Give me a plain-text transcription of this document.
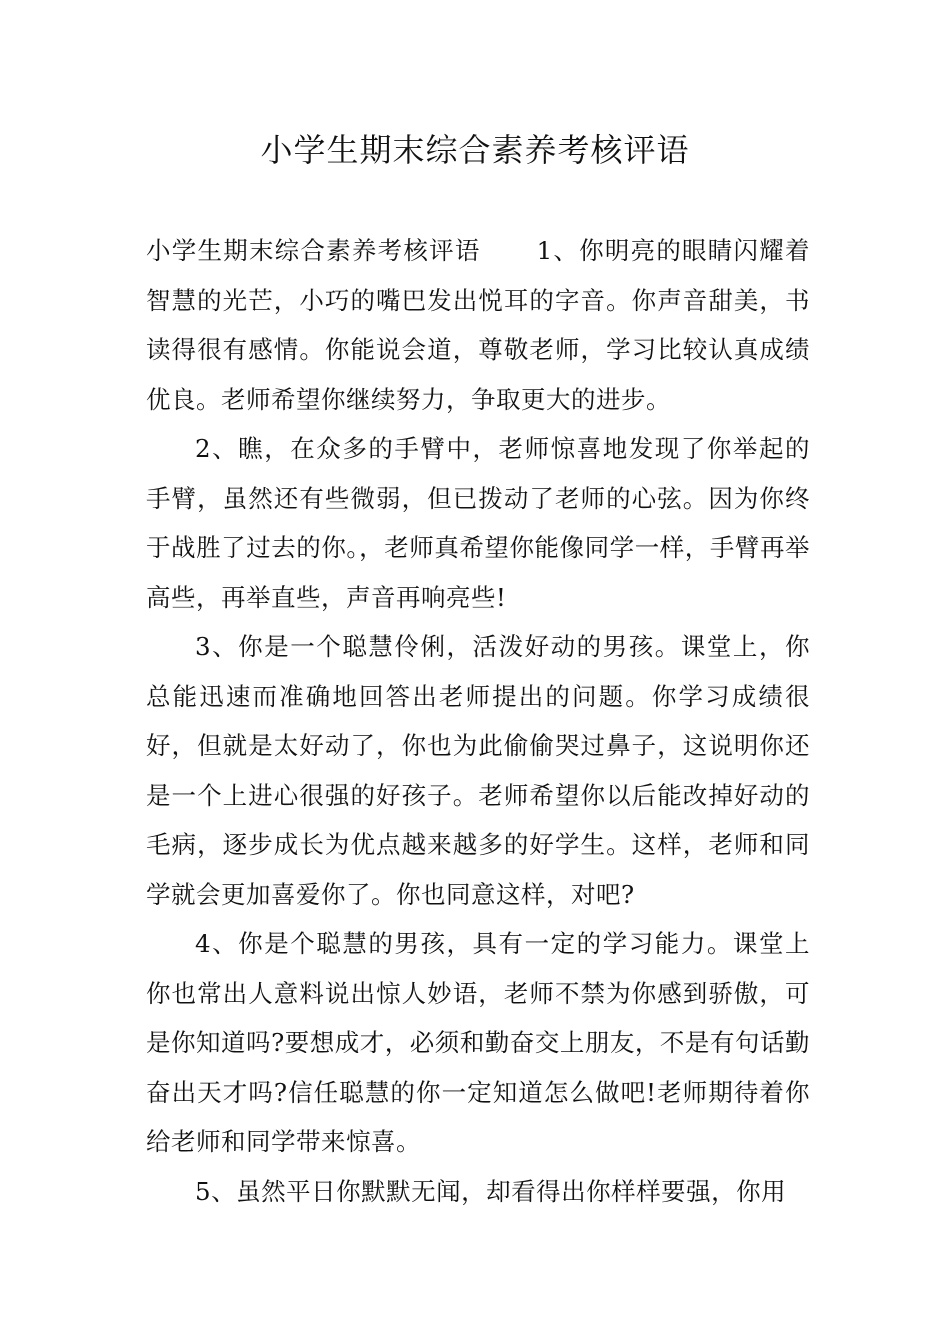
小学生期末综合素养考核评语

小学生期末综合素养考核评语 1、你明亮的眼睛闪耀着智慧的光芒，小巧的嘴巴发出悦耳的字音。你声音甜美，书读得很有感情。你能说会道，尊敬老师，学习比较认真成绩优良。老师希望你继续努力，争取更大的进步。

2、瞧，在众多的手臂中，老师惊喜地发现了你举起的手臂，虽然还有些微弱，但已拨动了老师的心弦。因为你终于战胜了过去的你。，老师真希望你能像同学一样，手臂再举高些，再举直些，声音再响亮些!

3、你是一个聪慧伶俐，活泼好动的男孩。课堂上，你总能迅速而准确地回答出老师提出的问题。你学习成绩很好，但就是太好动了，你也为此偷偷哭过鼻子，这说明你还是一个上进心很强的好孩子。老师希望你以后能改掉好动的毛病，逐步成长为优点越来越多的好学生。这样，老师和同学就会更加喜爱你了。你也同意这样，对吧?

4、你是个聪慧的男孩，具有一定的学习能力。课堂上你也常出人意料说出惊人妙语，老师不禁为你感到骄傲，可是你知道吗?要想成才，必须和勤奋交上朋友，不是有句话勤奋出天才吗?信任聪慧的你一定知道怎么做吧!老师期待着你给老师和同学带来惊喜。

5、虽然平日你默默无闻，却看得出你样样要强，你用
